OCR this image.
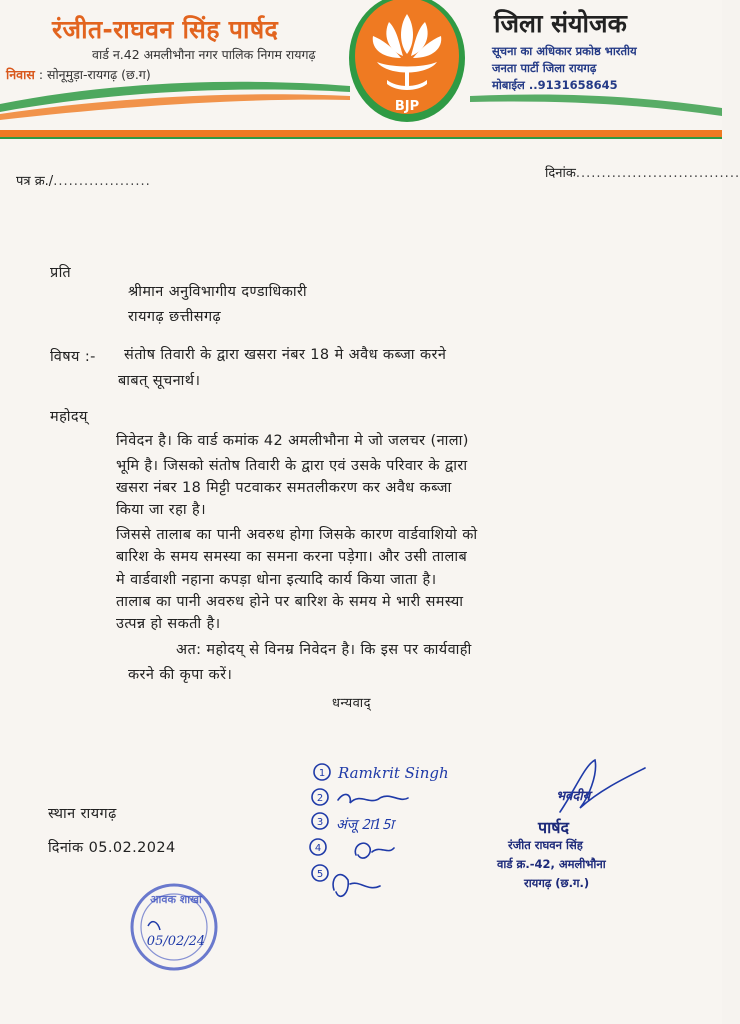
रंजीत-राघवन सिंह पार्षद
वार्ड न.42 अमलीभौना नगर पालिक निगम रायगढ़
निवास : सोनूमुड़ा-रायगढ़ (छ.ग)
BJP
जिला संयोजक
सूचना का अधिकार प्रकोष्ठ भारतीय
जनता पार्टी जिला रायगढ़
मोबाईल ..9131658645
पत्र क्र./...................
दिनांक................................
प्रति
श्रीमान अनुविभागीय दण्डाधिकारी
रायगढ़ छत्तीसगढ़
विषय :- संतोष तिवारी के द्वारा खसरा नंबर 18 मे अवैध कब्जा करने
बाबत् सूचनार्थ।
महोदय्
निवेदन है। कि वार्ड कमांक 42 अमलीभौना मे जो जलचर (नाला)
भूमि है। जिसको संतोष तिवारी के द्वारा एवं उसके परिवार के द्वारा
खसरा नंबर 18 मिट्टी पटवाकर समतलीकरण कर अवैध कब्जा
किया जा रहा है।
जिससे तालाब का पानी अवरुध होगा जिसके कारण वार्डवाशियो को
बारिश के समय समस्या का समना करना पड़ेगा। और उसी तालाब
मे वार्डवाशी नहाना कपड़ा धोना इत्यादि कार्य किया जाता है।
तालाब का पानी अवरुध होने पर बारिश के समय मे भारी समस्या
उत्पन्न हो सकती है।
अत: महोदय् से विनम्र निवेदन है। कि इस पर कार्यवाही
करने की कृपा करें।
धन्यवाद्
स्थान रायगढ़
दिनांक 05.02.2024
भवदीय
पार्षद
रंजीत राघवन सिंह
वार्ड क्र.-42, अमलीभौना
रायगढ़ (छ.ग.)
1
2
3
4
5
Ramkrit Singh
अंजू 2ा15ा
आवक शाखा
05/02/24
